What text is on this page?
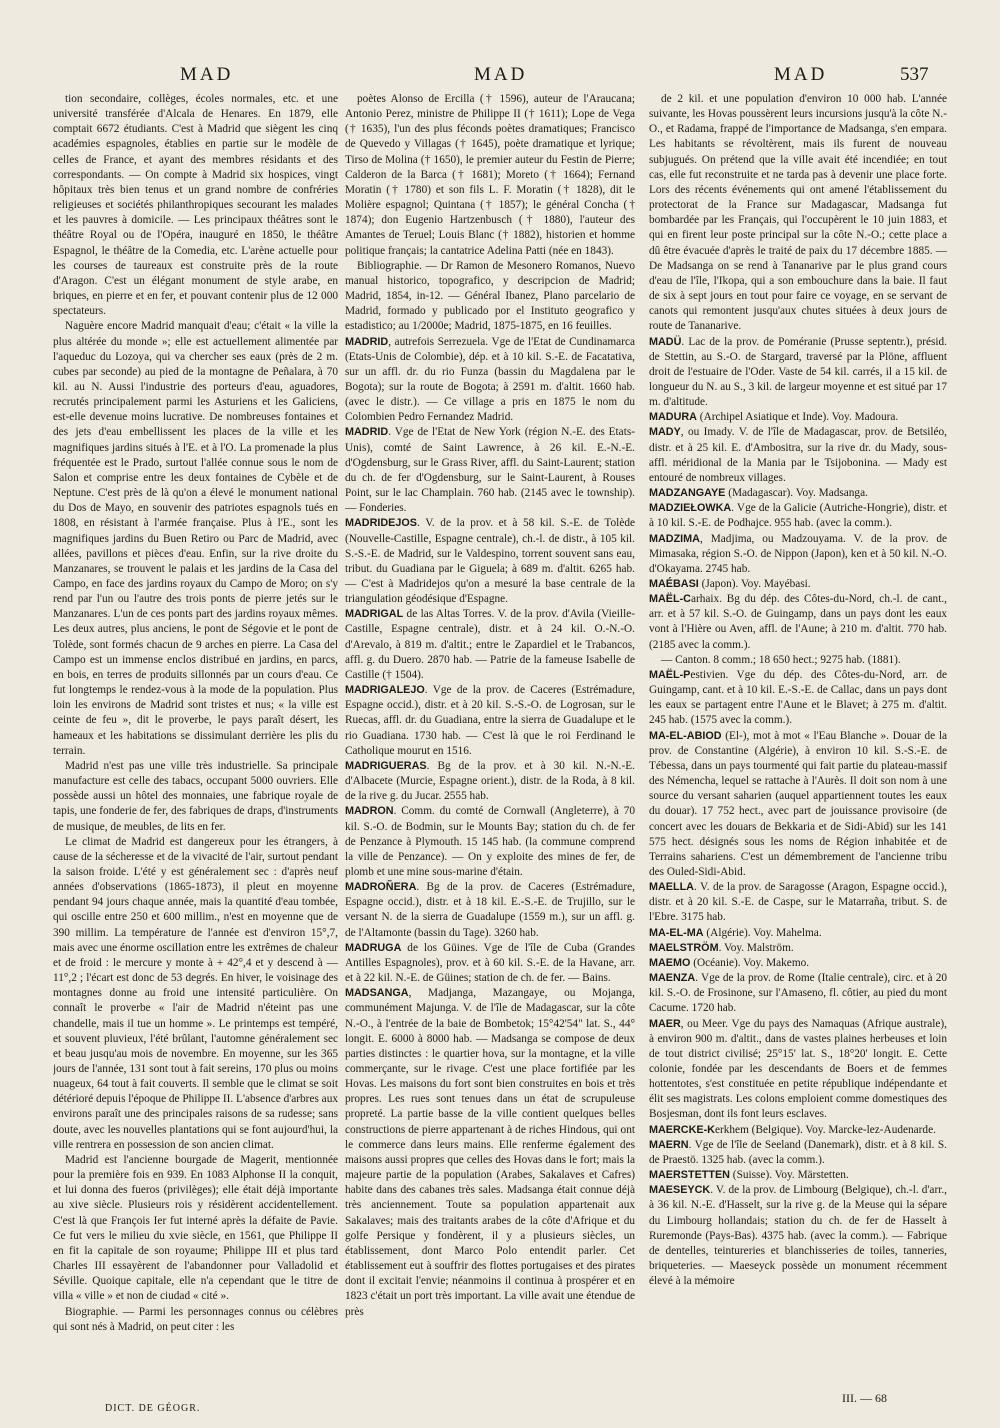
MAD	MAD	MAD	537

tion secondaire, collèges, écoles normales, etc. et une université transférée d'Alcala de Henares. En 1879, elle comptait 6672 étudiants. C'est à Madrid que siègent les cinq académies espagnoles, établies en partie sur le modèle de celles de France, et ayant des membres résidants et des correspondants. — On compte à Madrid six hospices, vingt hôpitaux très bien tenus et un grand nombre de confréries religieuses et sociétés philanthropiques secourant les malades et les pauvres à domicile. — Les principaux théâtres sont le théâtre Royal ou de l'Opéra, inauguré en 1850, le théâtre Espagnol, le théâtre de la Comedia, etc. L'arène actuelle pour les courses de taureaux est construite près de la route d'Aragon. C'est un élégant monument de style arabe, en briques, en pierre et en fer, et pouvant contenir plus de 12 000 spectateurs.

Naguère encore Madrid manquait d'eau; c'était « la ville la plus altérée du monde »; elle est actuellement alimentée par l'aqueduc du Lozoya, qui va chercher ses eaux (près de 2 m. cubes par seconde) au pied de la montagne de Peñalara, à 70 kil. au N. Aussi l'industrie des porteurs d'eau, aguadores, recrutés principalement parmi les Asturiens et les Galiciens, est-elle devenue moins lucrative. De nombreuses fontaines et des jets d'eau embellissent les places de la ville et les magnifiques jardins situés à l'E. et à l'O. La promenade la plus fréquentée est le Prado, surtout l'allée connue sous le nom de Salon et comprise entre les deux fontaines de Cybèle et de Neptune. C'est près de là qu'on a élevé le monument national du Dos de Mayo, en souvenir des patriotes espagnols tués en 1808, en résistant à l'armée française. Plus à l'E., sont les magnifiques jardins du Buen Retiro ou Parc de Madrid, avec allées, pavillons et pièces d'eau. Enfin, sur la rive droite du Manzanares, se trouvent le palais et les jardins de la Casa del Campo, en face des jardins royaux du Campo de Moro; on s'y rend par l'un ou l'autre des trois ponts de pierre jetés sur le Manzanares. L'un de ces ponts part des jardins royaux mêmes. Les deux autres, plus anciens, le pont de Ségovie et le pont de Tolède, sont formés chacun de 9 arches en pierre. La Casa del Campo est un immense enclos distribué en jardins, en parcs, en bois, en terres de produits sillonnés par un cours d'eau. Ce fut longtemps le rendez-vous à la mode de la population. Plus loin les environs de Madrid sont tristes et nus; « la ville est ceinte de feu », dit le proverbe, le pays paraît désert, les hameaux et les habitations se dissimulant derrière les plis du terrain.

Madrid n'est pas une ville très industrielle. Sa principale manufacture est celle des tabacs, occupant 5000 ouvriers. Elle possède aussi un hôtel des monnaies, une fabrique royale de tapis, une fonderie de fer, des fabriques de draps, d'instruments de musique, de meubles, de lits en fer.

Le climat de Madrid est dangereux pour les étrangers, à cause de la sécheresse et de la vivacité de l'air, surtout pendant la saison froide. L'été y est généralement sec : d'après neuf années d'observations (1865-1873), il pleut en moyenne pendant 94 jours chaque année, mais la quantité d'eau tombée, qui oscille entre 250 et 600 millim., n'est en moyenne que de 390 millim. La température de l'année est d'environ 15°,7, mais avec une énorme oscillation entre les extrêmes de chaleur et de froid : le mercure y monte à + 42°,4 et y descend à — 11°,2 ; l'écart est donc de 53 degrés. En hiver, le voisinage des montagnes donne au froid une intensité particulière. On connaît le proverbe « l'air de Madrid n'éteint pas une chandelle, mais il tue un homme ». Le printemps est tempéré, et souvent pluvieux, l'été brûlant, l'automne généralement sec et beau jusqu'au mois de novembre. En moyenne, sur les 365 jours de l'année, 131 sont tout à fait sereins, 170 plus ou moins nuageux, 64 tout à fait couverts. Il semble que le climat se soit détérioré depuis l'époque de Philippe II. L'absence d'arbres aux environs paraît une des principales raisons de sa rudesse; sans doute, avec les nouvelles plantations qui se font aujourd'hui, la ville rentrera en possession de son ancien climat.

Madrid est l'ancienne bourgade de Magerit, mentionnée pour la première fois en 939. En 1083 Alphonse II la conquit, et lui donna des fueros (privilèges); elle était déjà importante au xive siècle. Plusieurs rois y résidèrent accidentellement. C'est là que François Ier fut interné après la défaite de Pavie. Ce fut vers le milieu du xvie siècle, en 1561, que Philippe II en fit la capitale de son royaume; Philippe III et plus tard Charles III essayèrent de l'abandonner pour Valladolid et Séville. Quoique capitale, elle n'a cependant que le titre de villa « ville » et non de ciudad « cité ».

Biographie. — Parmi les personnages connus ou célèbres qui sont nés à Madrid, on peut citer : les

poètes Alonso de Ercilla († 1596), auteur de l'Araucana; Antonio Perez, ministre de Philippe II († 1611); Lope de Vega († 1635), l'un des plus féconds poètes dramatiques; Francisco de Quevedo y Villagas († 1645), poète dramatique et lyrique; Tirso de Molina († 1650), le premier auteur du Festin de Pierre; Calderon de la Barca († 1681); Moreto († 1664); Fernand Moratin († 1780) et son fils L. F. Moratin († 1828), dit le Molière espagnol; Quintana († 1857); le général Concha († 1874); don Eugenio Hartzenbusch († 1880), l'auteur des Amantes de Teruel; Louis Blanc († 1882), historien et homme politique français; la cantatrice Adelina Patti (née en 1843).

Bibliographie. — Dr Ramon de Mesonero Romanos, Nuevo manual historico, topografico, y descripcion de Madrid; Madrid, 1854, in-12. — Général Ibanez, Plano parcelario de Madrid, formado y publicado por el Instituto geografico y estadistico; au 1/2000e; Madrid, 1875-1875, en 16 feuilles.

MADRID, autrefois Serrezuela. Vge de l'Etat de Cundinamarca (Etats-Unis de Colombie), dép. et à 10 kil. S.-E. de Facatativa, sur un affl. dr. du rio Funza (bassin du Magdalena par le Bogota); sur la route de Bogota; à 2591 m. d'altit. 1660 hab. (avec le distr.). — Ce village a pris en 1875 le nom du Colombien Pedro Fernandez Madrid.

MADRID. Vge de l'Etat de New York (région N.-E. des Etats-Unis), comté de Saint Lawrence, à 26 kil. E.-N.-E. d'Ogdensburg, sur le Grass River, affl. du Saint-Laurent; station du ch. de fer d'Ogdensburg, sur le Saint-Laurent, à Rouses Point, sur le lac Champlain. 760 hab. (2145 avec le township). — Fonderies.

MADRIDEJOS. V. de la prov. et à 58 kil. S.-E. de Tolède (Nouvelle-Castille, Espagne centrale), ch.-l. de distr., à 105 kil. S.-S.-E. de Madrid, sur le Valdespino, torrent souvent sans eau, tribut. du Guadiana par le Giguela; à 689 m. d'altit. 6265 hab. — C'est à Madridejos qu'on a mesuré la base centrale de la triangulation géodésique d'Espagne.

MADRIGAL de las Altas Torres. V. de la prov. d'Avila (Vieille-Castille, Espagne centrale), distr. et à 24 kil. O.-N.-O. d'Arevalo, à 819 m. d'altit.; entre le Zapardiel et le Trabancos, affl. g. du Duero. 2870 hab. — Patrie de la fameuse Isabelle de Castille († 1504).

MADRIGALEJO. Vge de la prov. de Caceres (Estrémadure, Espagne occid.), distr. et à 20 kil. S.-S.-O. de Logrosan, sur le Ruecas, affl. dr. du Guadiana, entre la sierra de Guadalupe et le rio Guadiana. 1730 hab. — C'est là que le roi Ferdinand le Catholique mourut en 1516.

MADRIGUERAS. Bg de la prov. et à 30 kil. N.-N.-E. d'Albacete (Murcie, Espagne orient.), distr. de la Roda, à 8 kil. de la rive g. du Jucar. 2555 hab.

MADRON. Comm. du comté de Cornwall (Angleterre), à 70 kil. S.-O. de Bodmin, sur le Mounts Bay; station du ch. de fer de Penzance à Plymouth. 15 145 hab. (la commune comprend la ville de Penzance). — On y exploite des mines de fer, de plomb et une mine sous-marine d'étain.

MADROÑERA. Bg de la prov. de Caceres (Estrémadure, Espagne occid.), distr. et à 18 kil. E.-S.-E. de Trujillo, sur le versant N. de la sierra de Guadalupe (1559 m.), sur un affl. g. de l'Altamonte (bassin du Tage). 3260 hab.

MADRUGA de los Güines. Vge de l'île de Cuba (Grandes Antilles Espagnoles), prov. et à 60 kil. S.-E. de la Havane, arr. et à 22 kil. N.-E. de Güines; station de ch. de fer. — Bains.

MADSANGA, Madjanga, Mazangaye, ou Mojanga, communément Majunga. V. de l'île de Madagascar, sur la côte N.-O., à l'entrée de la baie de Bombetok; 15°42'54" lat. S., 44° longit. E. 6000 à 8000 hab. — Madsanga se compose de deux parties distinctes : le quartier hova, sur la montagne, et la ville commerçante, sur le rivage. C'est une place fortifiée par les Hovas. Les maisons du fort sont bien construites en bois et très propres. Les rues sont tenues dans un état de scrupuleuse propreté. La partie basse de la ville contient quelques belles constructions de pierre appartenant à de riches Hindous, qui ont le commerce dans leurs mains. Elle renferme également des maisons aussi propres que celles des Hovas dans le fort; mais la majeure partie de la population (Arabes, Sakalaves et Cafres) habite dans des cabanes très sales. Madsanga était connue déjà très anciennement. Toute sa population appartenait aux Sakalaves; mais des traitants arabes de la côte d'Afrique et du golfe Persique y fondèrent, il y a plusieurs siècles, un établissement, dont Marco Polo entendit parler. Cet établissement eut à souffrir des flottes portugaises et des pirates dont il excitait l'envie; néanmoins il continua à prospérer et en 1823 c'était un port très important. La ville avait une étendue de près

de 2 kil. et une population d'environ 10 000 hab. L'année suivante, les Hovas poussèrent leurs incursions jusqu'à la côte N.-O., et Radama, frappé de l'importance de Madsanga, s'en empara. Les habitants se révoltèrent, mais ils furent de nouveau subjugués. On prétend que la ville avait été incendiée; en tout cas, elle fut reconstruite et ne tarda pas à devenir une place forte. Lors des récents événements qui ont amené l'établissement du protectorat de la France sur Madagascar, Madsanga fut bombardée par les Français, qui l'occupèrent le 10 juin 1883, et qui en firent leur poste principal sur la côte N.-O.; cette place a dû être évacuée d'après le traité de paix du 17 décembre 1885. — De Madsanga on se rend à Tananarive par le plus grand cours d'eau de l'île, l'Ikopa, qui a son embouchure dans la baie. Il faut de six à sept jours en tout pour faire ce voyage, en se servant de canots qui remontent jusqu'aux chutes situées à deux jours de route de Tananarive.

MADÜ. Lac de la prov. de Poméranie (Prusse septentr.), présid. de Stettin, au S.-O. de Stargard, traversé par la Plöne, affluent droit de l'estuaire de l'Oder. Vaste de 54 kil. carrés, il a 15 kil. de longueur du N. au S., 3 kil. de largeur moyenne et est situé par 17 m. d'altitude.

MADURA (Archipel Asiatique et Inde). Voy. Madoura.

MADY, ou Imady. V. de l'île de Madagascar, prov. de Betsiléo, distr. et à 25 kil. E. d'Ambositra, sur la rive dr. du Mady, sous-affl. méridional de la Mania par le Tsijobonina. — Mady est entouré de nombreux villages.

MADZANGAYE (Madagascar). Voy. Madsanga.

MADZIEŁOWKA. Vge de la Galicie (Autriche-Hongrie), distr. et à 10 kil. S.-E. de Podhajce. 955 hab. (avec la comm.).

MADZIMA, Madjima, ou Madzouyama. V. de la prov. de Mimasaka, région S.-O. de Nippon (Japon), ken et à 50 kil. N.-O. d'Okayama. 2745 hab.

MAÉBASI (Japon). Voy. Mayébasi.

MAËL-Carhaix. Bg du dép. des Côtes-du-Nord, ch.-l. de cant., arr. et à 57 kil. S.-O. de Guingamp, dans un pays dont les eaux vont à l'Hière ou Aven, affl. de l'Aune; à 210 m. d'altit. 770 hab. (2185 avec la comm.).

— Canton. 8 comm.; 18 650 hect.; 9275 hab. (1881).

MAËL-Pestivien. Vge du dép. des Côtes-du-Nord, arr. de Guingamp, cant. et à 10 kil. E.-S.-E. de Callac, dans un pays dont les eaux se partagent entre l'Aune et le Blavet; à 275 m. d'altit. 245 hab. (1575 avec la comm.).

MA-EL-ABIOD (El-), mot à mot « l'Eau Blanche ». Douar de la prov. de Constantine (Algérie), à environ 10 kil. S.-S.-E. de Tébessa, dans un pays tourmenté qui fait partie du plateau-massif des Némencha, lequel se rattache à l'Aurès. Il doit son nom à une source du versant saharien (auquel appartiennent toutes les eaux du douar). 17 752 hect., avec part de jouissance provisoire (de concert avec les douars de Bekkaria et de Sidi-Abid) sur les 141 575 hect. désignés sous les noms de Région inhabitée et de Terrains sahariens. C'est un démembrement de l'ancienne tribu des Ouled-Sidi-Abid.

MAELLA. V. de la prov. de Saragosse (Aragon, Espagne occid.), distr. et à 20 kil. S.-E. de Caspe, sur le Matarraña, tribut. S. de l'Ebre. 3175 hab.

MA-EL-MA (Algérie). Voy. Mahelma.

MAELSTRÖM. Voy. Malström.

MAEMO (Océanie). Voy. Makemo.

MAENZA. Vge de la prov. de Rome (Italie centrale), circ. et à 20 kil. S.-O. de Frosinone, sur l'Amaseno, fl. côtier, au pied du mont Cacume. 1720 hab.

MAER, ou Meer. Vge du pays des Namaquas (Afrique australe), à environ 900 m. d'altit., dans de vastes plaines herbeuses et loin de tout district civilisé; 25°15' lat. S., 18°20' longit. E. Cette colonie, fondée par les descendants de Boers et de femmes hottentotes, s'est constituée en petite république indépendante et élit ses magistrats. Les colons emploient comme domestiques des Bosjesman, dont ils font leurs esclaves.

MAERCKE-Kerkhem (Belgique). Voy. Marcke-lez-Audenarde.

MAERN. Vge de l'île de Seeland (Danemark), distr. et à 8 kil. S. de Praestö. 1325 hab. (avec la comm.).

MAERSTETTEN (Suisse). Voy. Märstetten.

MAESEYCK. V. de la prov. de Limbourg (Belgique), ch.-l. d'arr., à 36 kil. N.-E. d'Hasselt, sur la rive g. de la Meuse qui la sépare du Limbourg hollandais; station du ch. de fer de Hasselt à Ruremonde (Pays-Bas). 4375 hab. (avec la comm.). — Fabrique de dentelles, teintureries et blanchisseries de toiles, tanneries, briqueteries. — Maeseyck possède un monument récemment élevé à la mémoire

DICT. DE GÉOGR.
III. — 68
